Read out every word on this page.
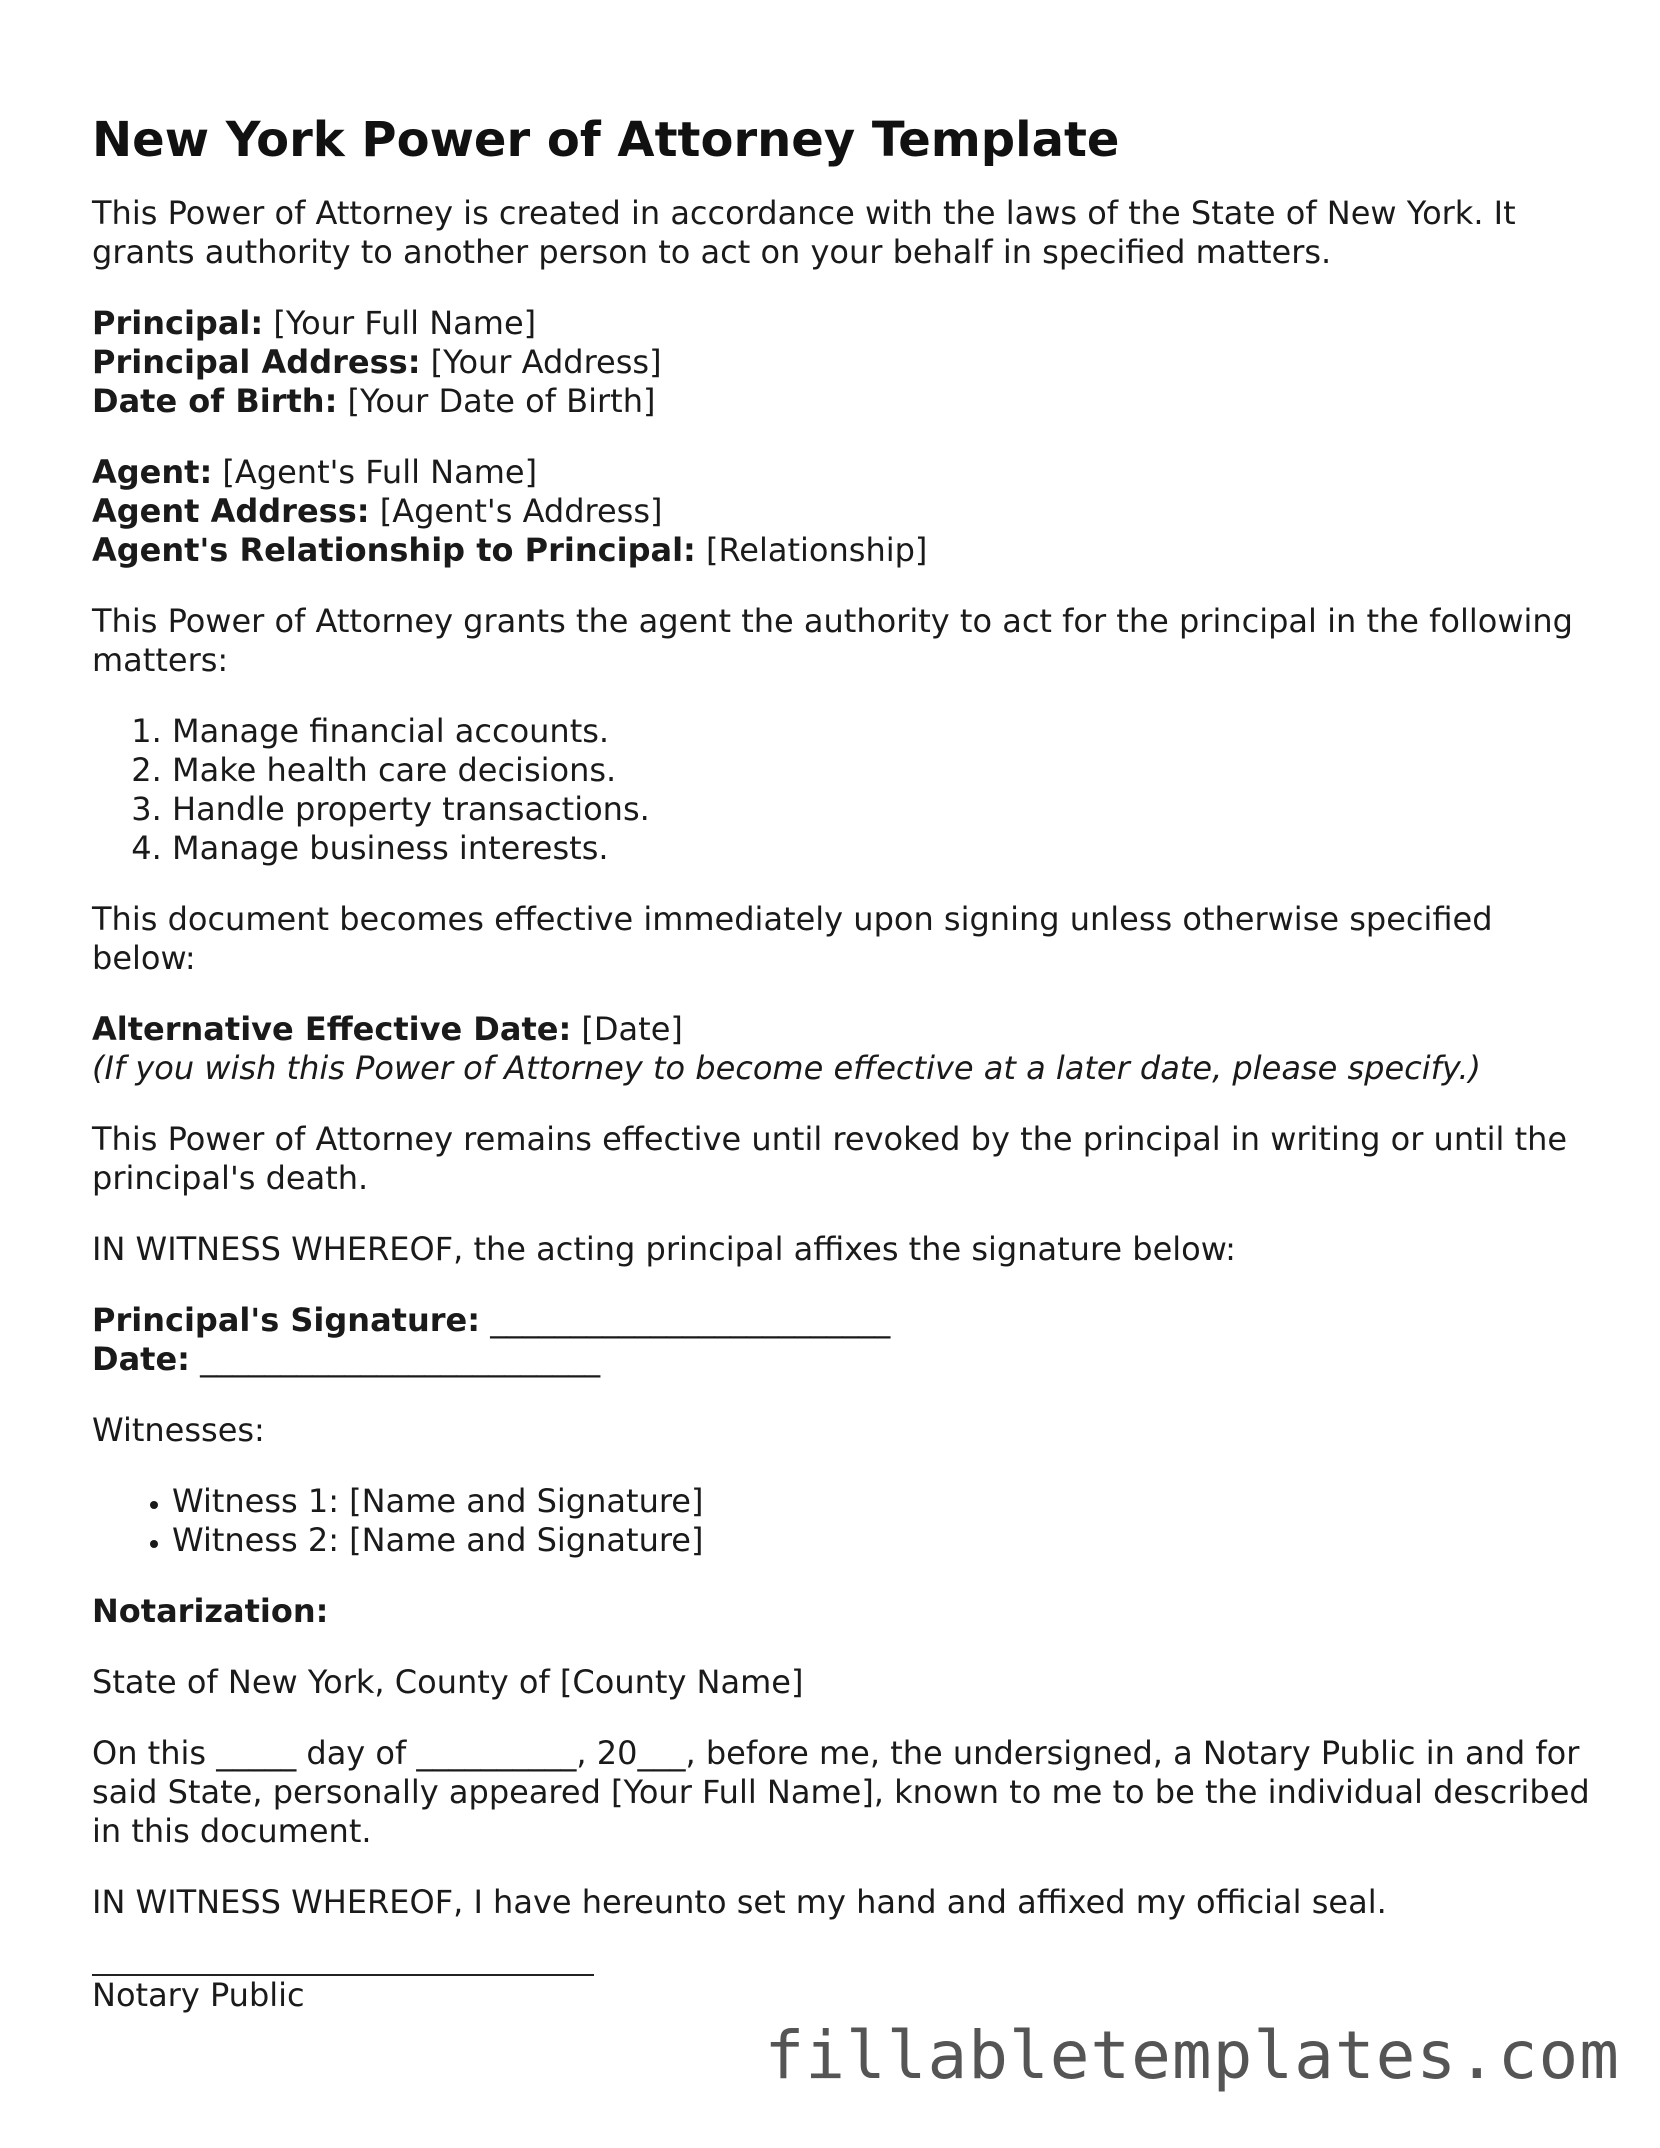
New York Power of Attorney Template

This Power of Attorney is created in accordance with the laws of the State of New York. It grants authority to another person to act on your behalf in specified matters.

Principal: [Your Full Name]
Principal Address: [Your Address]
Date of Birth: [Your Date of Birth]
Agent: [Agent's Full Name]
Agent Address: [Agent's Address]
Agent's Relationship to Principal: [Relationship]

This Power of Attorney grants the agent the authority to act for the principal in the following matters:

1. Manage financial accounts.
2. Make health care decisions.
3. Handle property transactions.
4. Manage business interests.

This document becomes effective immediately upon signing unless otherwise specified below:

Alternative Effective Date: [Date]
(If you wish this Power of Attorney to become effective at a later date, please specify.)

This Power of Attorney remains effective until revoked by the principal in writing or until the principal's death.

IN WITNESS WHEREOF, the acting principal affixes the signature below:

Principal's Signature: _________________________
Date: _________________________

Witnesses:

• Witness 1: [Name and Signature]
• Witness 2: [Name and Signature]

Notarization:

State of New York, County of [County Name]

On this _____ day of __________, 20___, before me, the undersigned, a Notary Public in and for said State, personally appeared [Your Full Name], known to me to be the individual described in this document.

IN WITNESS WHEREOF, I have hereunto set my hand and affixed my official seal.

Notary Public
fillabletemplates.com
